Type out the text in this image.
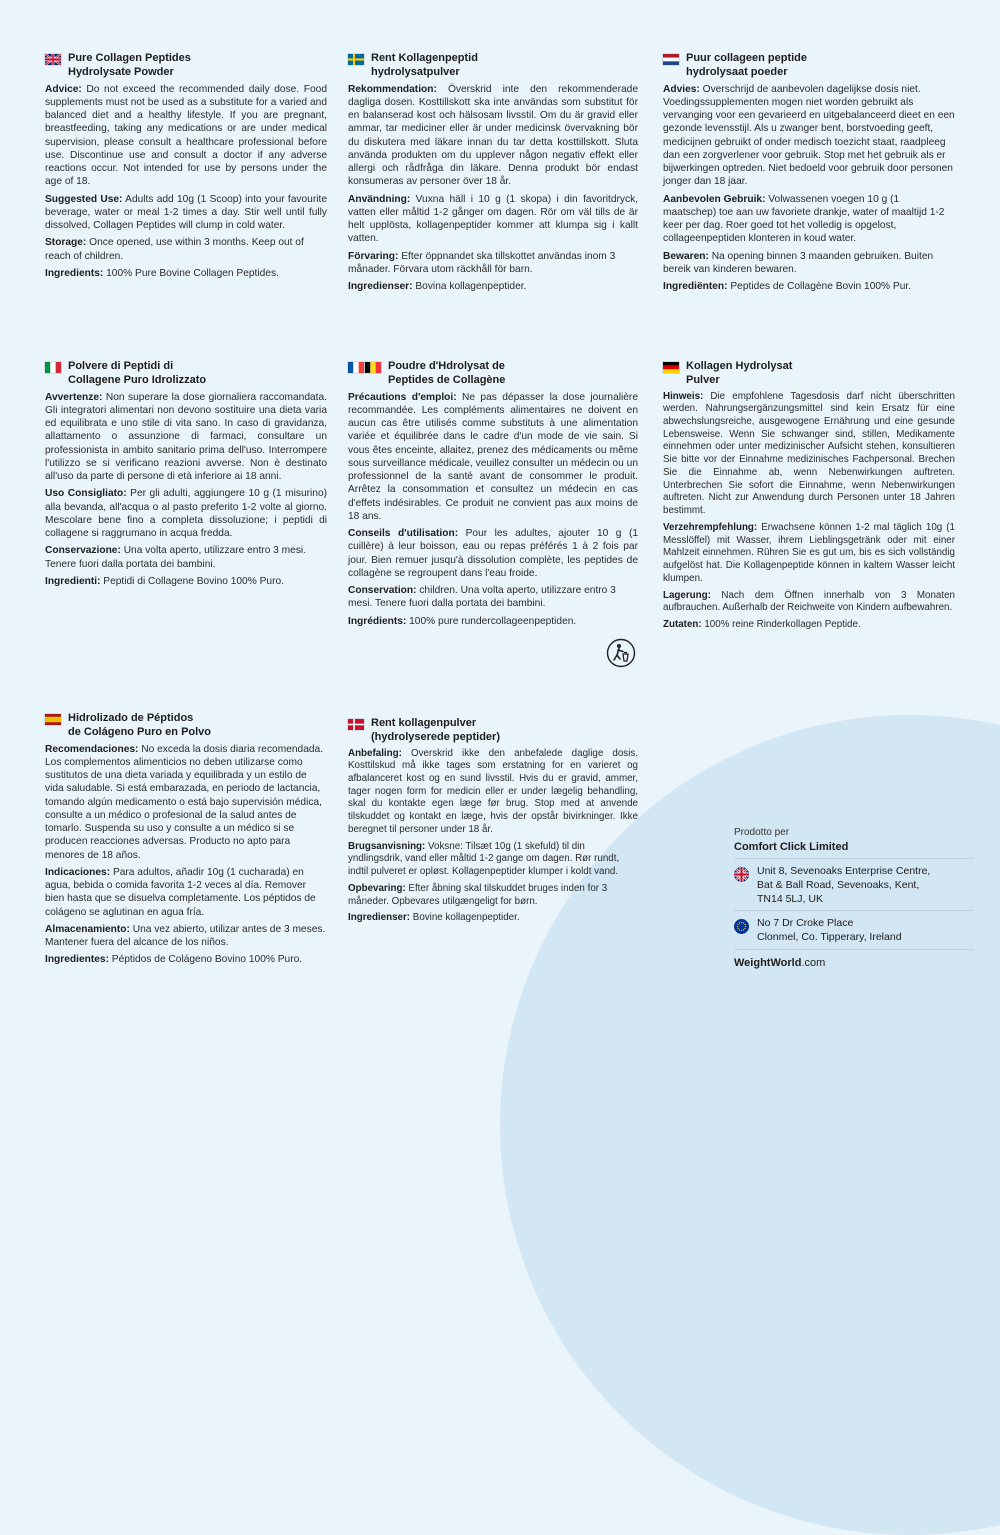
Pure Collagen Peptides
Hydrolysate Powder

Advice: Do not exceed the recommended daily dose. Food supplements must not be used as a substitute for a varied and balanced diet and a healthy lifestyle. If you are pregnant, breastfeeding, taking any medications or are under medical supervision, please consult a healthcare professional before use. Discontinue use and consult a doctor if any adverse reactions occur. Not intended for use by persons under the age of 18.

Suggested Use: Adults add 10g (1 Scoop) into your favourite beverage, water or meal 1-2 times a day. Stir well until fully dissolved, Collagen Peptides will clump in cold water.

Storage: Once opened, use within 3 months. Keep out of reach of children.

Ingredients: 100% Pure Bovine Collagen Peptides.

Rent Kollagenpeptid
hydrolysatpulver

Rekommendation: Överskrid inte den rekommenderade dagliga dosen. Kosttillskott ska inte användas som substitut för en balanserad kost och hälsosam livsstil. Om du är gravid eller ammar, tar mediciner eller är under medicinsk övervakning bör du diskutera med läkare innan du tar detta kosttillskott. Sluta använda produkten om du upplever någon negativ effekt eller allergi och rådfråga din läkare. Denna produkt bör endast konsumeras av personer över 18 år.

Användning: Vuxna häll i 10 g (1 skopa) i din favoritdryck, vatten eller måltid 1-2 gånger om dagen. Rör om väl tills de är helt upplösta, kollagenpeptider kommer att klumpa sig i kallt vatten.

Förvaring: Efter öppnandet ska tillskottet användas inom 3 månader. Förvara utom räckhåll för barn.

Ingredienser: Bovina kollagenpeptider.

Puur collageen peptide
hydrolysaat poeder

Advies: Overschrijd de aanbevolen dagelijkse dosis niet. Voedingssupplementen mogen niet worden gebruikt als vervanging voor een gevarieerd en uitgebalanceerd dieet en een gezonde levensstijl. Als u zwanger bent, borstvoeding geeft, medicijnen gebruikt of onder medisch toezicht staat, raadpleeg dan een zorgverlener voor gebruik. Stop met het gebruik als er bijwerkingen optreden. Niet bedoeld voor gebruik door personen jonger dan 18 jaar.

Aanbevolen Gebruik: Volwassenen voegen 10 g (1 maatschep) toe aan uw favoriete drankje, water of maaltijd 1-2 keer per dag. Roer goed tot het volledig is opgelost, collageenpeptiden klonteren in koud water.

Bewaren: Na opening binnen 3 maanden gebruiken. Buiten bereik van kinderen bewaren.

Ingrediënten: Peptides de Collagène Bovin 100% Pur.

Polvere di Peptidi di
Collagene Puro Idrolizzato

Avvertenze: Non superare la dose giornaliera raccomandata. Gli integratori alimentari non devono sostituire una dieta varia ed equilibrata e uno stile di vita sano. In caso di gravidanza, allattamento o assunzione di farmaci, consultare un professionista in ambito sanitario prima dell'uso. Interrompere l'utilizzo se si verificano reazioni avverse. Non è destinato all'uso da parte di persone di età inferiore ai 18 anni.

Uso Consigliato: Per gli adulti, aggiungere 10 g (1 misurino) alla bevanda, all'acqua o al pasto preferito 1-2 volte al giorno. Mescolare bene fino a completa dissoluzione; i peptidi di collagene si raggrumano in acqua fredda.

Conservazione: Una volta aperto, utilizzare entro 3 mesi. Tenere fuori dalla portata dei bambini.

Ingredienti: Peptidi di Collagene Bovino 100% Puro.

Poudre d'Hdrolysat de
Peptides de Collagène

Précautions d'emploi: Ne pas dépasser la dose journalière recommandée. Les compléments alimentaires ne doivent en aucun cas être utilisés comme substituts à une alimentation variée et équilibrée dans le cadre d'un mode de vie sain. Si vous êtes enceinte, allaitez, prenez des médicaments ou même sous surveillance médicale, veuillez consulter un médecin ou un professionnel de la santé avant de consommer le produit. Arrêtez la consommation et consultez un médecin en cas d'effets indésirables. Ce produit ne convient pas aux moins de 18 ans.

Conseils d'utilisation: Pour les adultes, ajouter 10 g (1 cuillère) à leur boisson, eau ou repas préférés 1 à 2 fois par jour. Bien remuer jusqu'à dissolution complète, les peptides de collagène se regroupent dans l'eau froide.

Conservation: children. Una volta aperto, utilizzare entro 3 mesi. Tenere fuori dalla portata dei bambini.

Ingrédients: 100% pure rundercollageenpeptiden.

Kollagen Hydrolysat
Pulver

Hinweis: Die empfohlene Tagesdosis darf nicht überschritten werden. Nahrungsergänzungsmittel sind kein Ersatz für eine abwechslungsreiche, ausgewogene Ernährung und eine gesunde Lebensweise. Wenn Sie schwanger sind, stillen, Medikamente einnehmen oder unter medizinischer Aufsicht stehen, konsultieren Sie bitte vor der Einnahme medizinisches Fachpersonal. Brechen Sie die Einnahme ab, wenn Nebenwirkungen auftreten. Unterbrechen Sie sofort die Einnahme, wenn Nebenwirkungen auftreten. Nicht zur Anwendung durch Personen unter 18 Jahren bestimmt.

Verzehrempfehlung: Erwachsene können 1-2 mal täglich 10g (1 Messlöffel) mit Wasser, ihrem Lieblingsgetränk oder mit einer Mahlzeit einnehmen. Rühren Sie es gut um, bis es sich vollständig aufgelöst hat. Die Kollagenpeptide können in kaltem Wasser leicht klumpen.

Lagerung: Nach dem Öffnen innerhalb von 3 Monaten aufbrauchen. Außerhalb der Reichweite von Kindern aufbewahren.

Zutaten: 100% reine Rinderkollagen Peptide.

Hidrolizado de Péptidos
de Colágeno Puro en Polvo

Recomendaciones: No exceda la dosis diaria recomendada. Los complementos alimenticios no deben utilizarse como sustitutos de una dieta variada y equilibrada y un estilo de vida saludable. Si está embarazada, en periodo de lactancia, tomando algún medicamento o está bajo supervisión médica, consulte a un médico o profesional de la salud antes de tomarlo. Suspenda su uso y consulte a un médico si se producen reacciones adversas. Producto no apto para menores de 18 años.

Indicaciones: Para adultos, añadir 10g (1 cucharada) en agua, bebida o comida favorita 1-2 veces al día. Remover bien hasta que se disuelva completamente. Los péptidos de colágeno se aglutinan en agua fría.

Almacenamiento: Una vez abierto, utilizar antes de 3 meses. Mantener fuera del alcance de los niños.

Ingredientes: Péptidos de Colágeno Bovino 100% Puro.

Rent kollagenpulver
(hydrolyserede peptider)

Anbefaling: Overskrid ikke den anbefalede daglige dosis. Kosttilskud må ikke tages som erstatning for en varieret og afbalanceret kost og en sund livsstil. Hvis du er gravid, ammer, tager nogen form for medicin eller er under lægelig behandling, skal du kontakte egen læge før brug. Stop med at anvende tilskuddet og kontakt en læge, hvis der opstår bivirkninger. Ikke beregnet til personer under 18 år.

Brugsanvisning: Voksne: Tilsæt 10g (1 skefuld) til din yndlingsdrik, vand eller måltid 1-2 gange om dagen. Rør rundt, indtil pulveret er opløst. Kollagenpeptider klumper i koldt vand.

Opbevaring: Efter åbning skal tilskuddet bruges inden for 3 måneder. Opbevares utilgængeligt for børn.

Ingredienser: Bovine kollagenpeptider.

Prodotto per
Comfort Click Limited
Unit 8, Sevenoaks Enterprise Centre,
Bat & Ball Road, Sevenoaks, Kent,
TN14 5LJ, UK
No 7 Dr Croke Place
Clonmel, Co. Tipperary, Ireland
WeightWorld.com
